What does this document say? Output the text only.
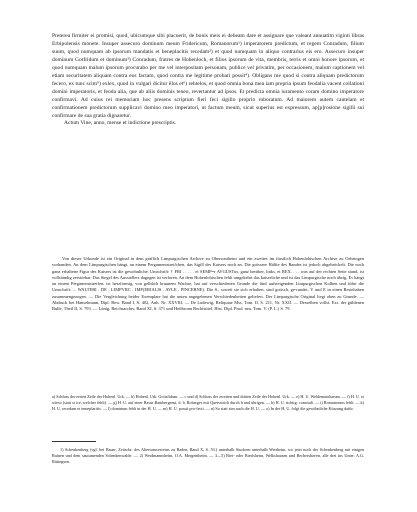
Preterea firmiter ei promisi, quod, ubicumque sibi placuerit, de bonis meis ei debeam dare et assignare que valeant annuatim viginti libras Erbipolensis monete. Insuper assecuro dominum meum Fridericum, Romanorum¹) imperatorem predictum, et regem Conradum, filium suum, quod numquam ab ipsorum mandatis et beneplacitis recedam²) et quod numquam in aliquo contrarius eis ero. Assecuro insuper dominum Gotfridum et dominum³) Conradum, fratres de Hohenloch, et filios ipsorum de vita, membris, terris et omni honore ipsorum, et quod numquam malum ipsorum procurabo per me vel interpositam personam, publice vel privatim, per occasionem, malum captionem vel etiam securitatem aliquam contra eos factam, quod contra me legitime probari possit⁴). Obligans me quod si contra aliquam predictorum fecero, ex tunc scim⁵) exlex, quod in vulgari dicitur êlos et⁶) rehtelos, et quod omnia bona mea iam prepria ipsum feodalia vacent collationi domini imperatoris, et feoda alia, que ab aliis dominis teneo, revertantur ad ipsos. Et predicta omnia iuramento coram domino imperatore confirmavi. Ad cuius rei memoriam hoc presens scriptum fieri feci sigillo proprio roboratum. Ad maiorem autem cautelam et confirmationem predictorum supplicavi domino meo imperatori, ut factum meum, sicut superius est expressum, ap[p]rosione sigilli sui confirmare de sua gratia dignaretur.

Actum Vine, anno, mense et indictione prescriptis.

Von dieser Urkunde ist ein Original in dem gräflich Limpurgischen Archive zu Obersontheim und ein zweites im fürstlich Hohenlohischen Archive zu Oehringen vorhanden. An dem Limpurgischen hängt, an einem Pergamentstreifchen, das Sigill des Kaisers noch an. Die grössere Hälfte des Randes ist jedoch abgebröckelt. Die noch ganz erhaltene Figur des Kaisers ist die gewöhnliche. Umschrift: † FRI . . . . . et SEMP=r AVGUSTus, ganz herüber, links, et REX. . . . was auf der rechten Seite stand, ist vollständig zerstörbar. Das Siegel des Ausstellers dagegen ist verloren. An dem Hohenlohischen fehlt umgekehrt das kaiserliche und ist das Limpurgische noch übrig. Es hängt an einem Pergamentstreifen, ist herzförmig, von gelblich braunem Wachse, hat auf verschiedenen Grunde die fünf aufsteigenden Limpurgischen Kolben und führt die Umschrift: ... WALTERI . DE . LIMPVRC . IMP(ERIALIS . AVLE . PINCERNE). Die S., soweit sie sich erhalten, sind gotisch, ge-rundet, V und E in einen Bestehaben zusammengezogen. — Die Vergleichung beider Exemplare hat die unten angegebenen Verschiedenheiten geliefert. Der Limpurgische Original liegt oben zu Grunde. — Abdruck bei Hanselmann, Dipl. Bew. Band I, S. 402, Anh. Nr. XXVIII. — De Ludewig, Reliquiae Mss. Tom. II, S. 211, Nr. XXII. — Desselben vollst. Ext. der güldenen Bulle, Theil II, S. 793. — Lünig, Reichsarchiv, Band XI, S. 371 und Heilbronn Rechtstitel, Hist. Dipl. Prod. neu. Tom. V. (P. L.) S. 79.

a) Schluss der ersten Zeile der Hohenl. Urk. — b) Hohenl. Urk. Gotisfidum. — c und d) Schluss der zweiten und dritten Zeile der Hohenl. Urk. — e) H. U. Weldematoharum. — f) H. U. et wieso (statt st ice, welcher fehlt). — g) H. U. auf einer Rasur Bambergensi, d. h. Roberges mit Quersstrich durch b und übrigen. — h) H. U. richtig: constudi. — i) Romanorum fehlt. — k) H. U. recedam et temeplaritis. — l) dominum fehlt in der H. U. — m) H. U. possit pro-fecti. — n) So statt sim auch die H. U. — o) In der H. U. folgt die gewöhnliche Kürzung dafür.

1) Schenkenberg (vgl. bei Bauer, Zeitschr. des Altertumsvereins zu Baden, Band X, S. 53.) unterhalb Stuckem unterhalb Wertheim, wo jetzt noch der Schenkenberg mit einigen Ruinen und dem sautumenden Schenkenwalde. — 2) Weidmannsheim, O.A. Mergentheim. — 3—5) Biet- oder Bierlsheim, Welkshausen und Bechershaven, alle drei ins Unter. A.G. Rittingsen.
